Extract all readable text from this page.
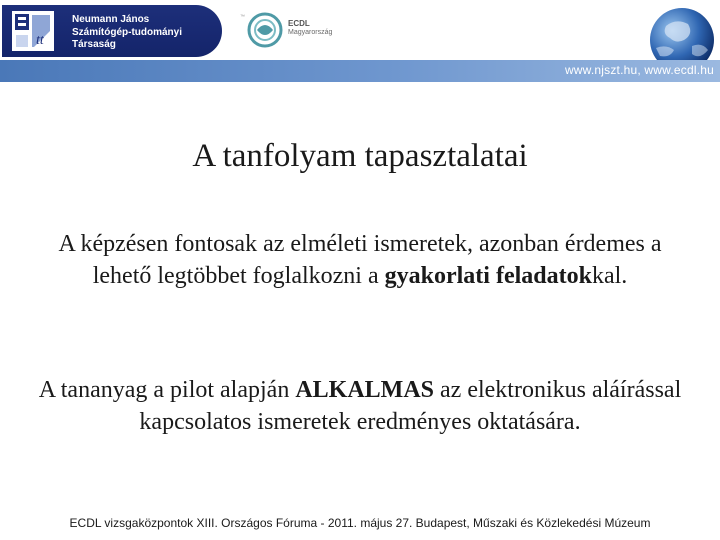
tt
Neumann János
Számítógép-tudományi
Társaság
™
ECDL
Magyarország
www.njszt.hu, www.ecdl.hu
A tanfolyam tapasztalatai
A képzésen fontosak az elméleti ismeretek, azonban érdemes a lehető legtöbbet foglalkozni a gyakorlati feladatokkal.
A tananyag a pilot alapján ALKALMAS az elektronikus aláírással kapcsolatos ismeretek eredményes oktatására.
ECDL vizsgaközpontok XIII. Országos Fóruma - 2011. május 27. Budapest, Műszaki és Közlekedési Múzeum
